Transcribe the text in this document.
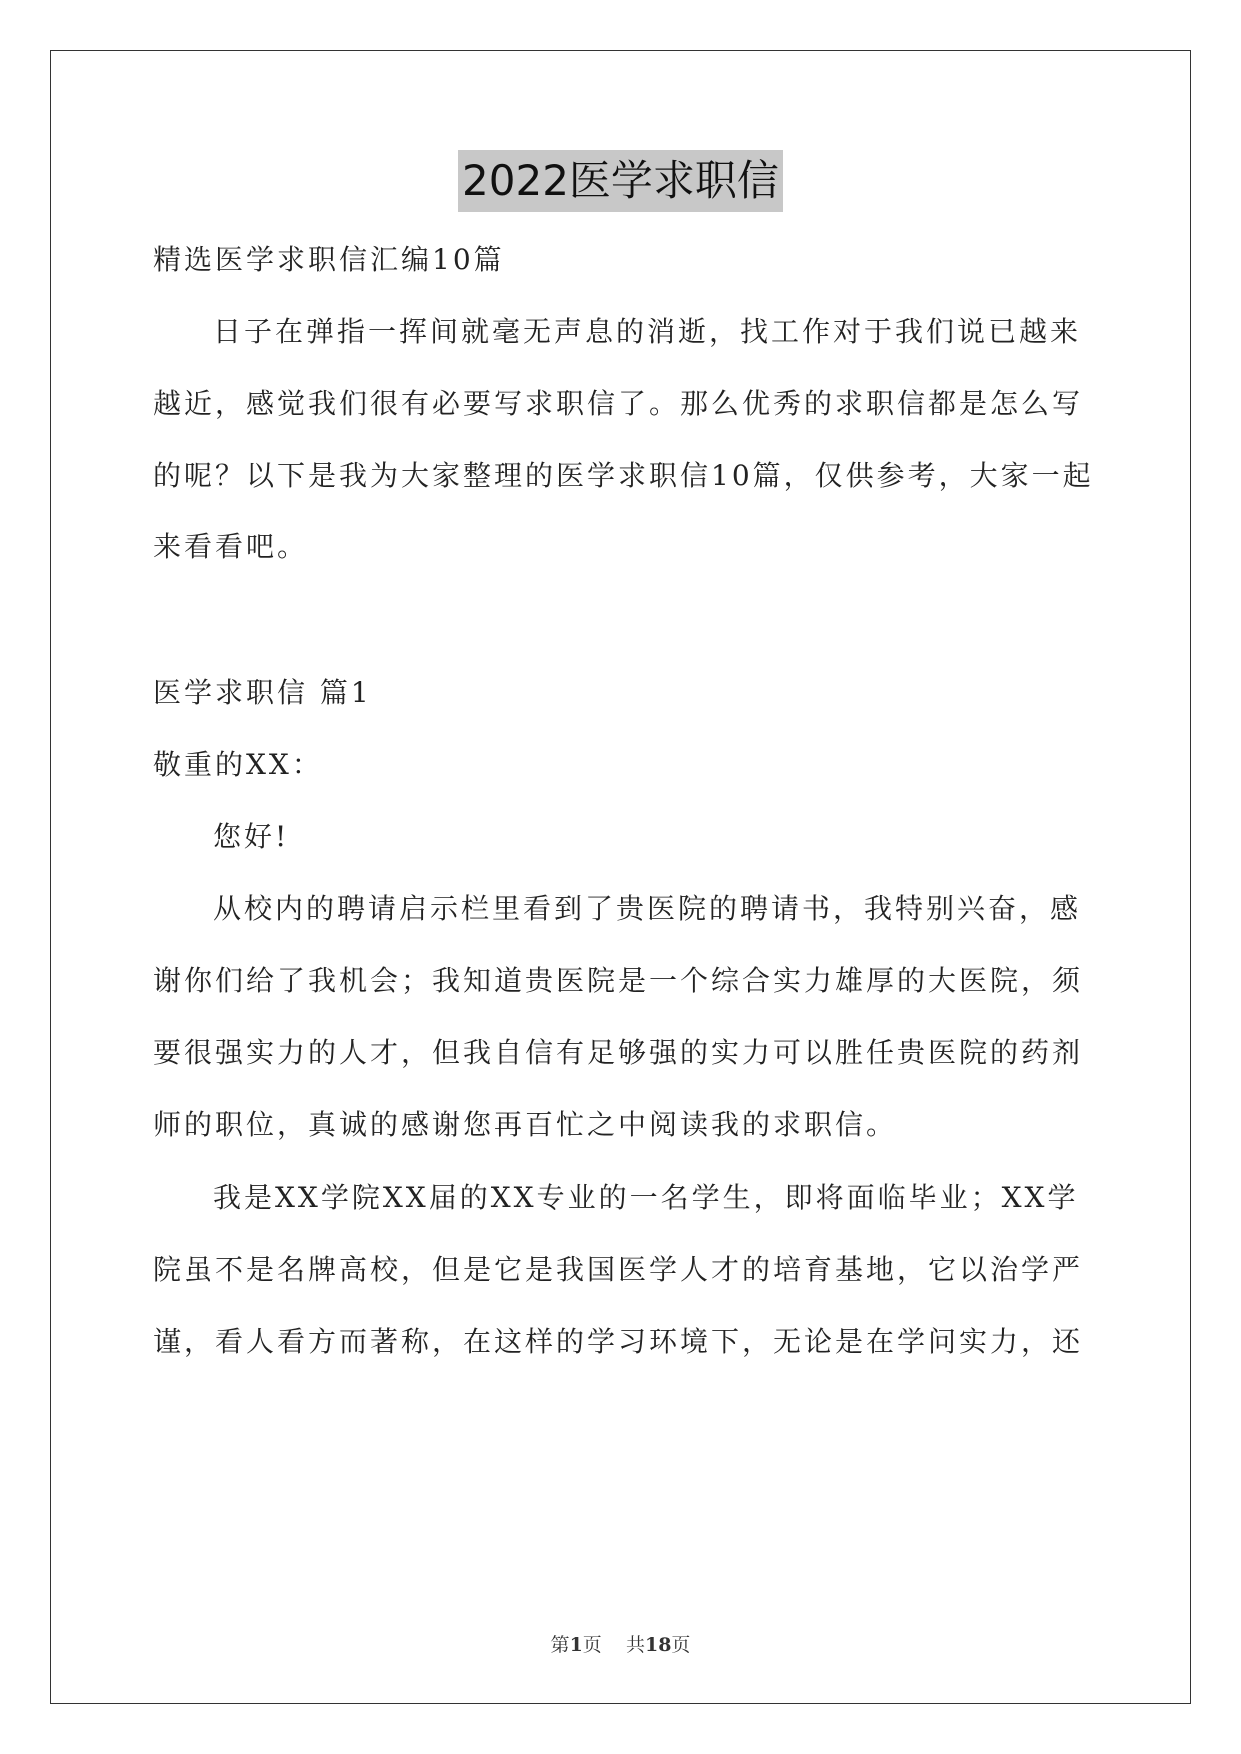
2022医学求职信
精选医学求职信汇编10篇
日子在弹指一挥间就毫无声息的消逝，找工作对于我们说已越来
越近，感觉我们很有必要写求职信了。那么优秀的求职信都是怎么写
的呢？以下是我为大家整理的医学求职信10篇，仅供参考，大家一起
来看看吧。
医学求职信 篇1
敬重的XX：
您好!
从校内的聘请启示栏里看到了贵医院的聘请书，我特别兴奋，感
谢你们给了我机会；我知道贵医院是一个综合实力雄厚的大医院，须
要很强实力的人才，但我自信有足够强的实力可以胜任贵医院的药剂
师的职位，真诚的感谢您再百忙之中阅读我的求职信。
我是XX学院XX届的XX专业的一名学生，即将面临毕业；XX学
院虽不是名牌高校，但是它是我国医学人才的培育基地，它以治学严
谨，看人看方而著称，在这样的学习环境下，无论是在学问实力，还
第1页    共18页
